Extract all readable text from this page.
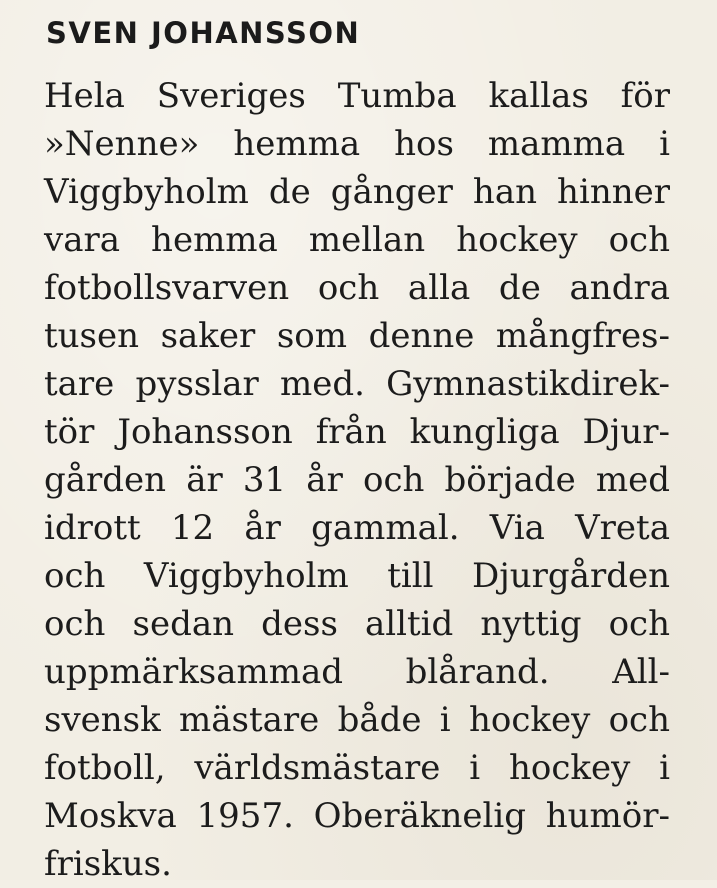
SVEN JOHANSSON
Hela Sveriges Tumba kallas för
»Nenne» hemma hos mamma i
Viggbyholm de gånger han hinner
vara hemma mellan hockey och
fotbollsvarven och alla de andra
tusen saker som denne mångfres-
tare pysslar med. Gymnastikdirek-
tör Johansson från kungliga Djur-
gården är 31 år och började med
idrott 12 år gammal. Via Vreta
och Viggbyholm till Djurgården
och sedan dess alltid nyttig och
uppmärksammad blårand. All-
svensk mästare både i hockey och
fotboll, världsmästare i hockey i
Moskva 1957. Oberäknelig humör-
friskus.
